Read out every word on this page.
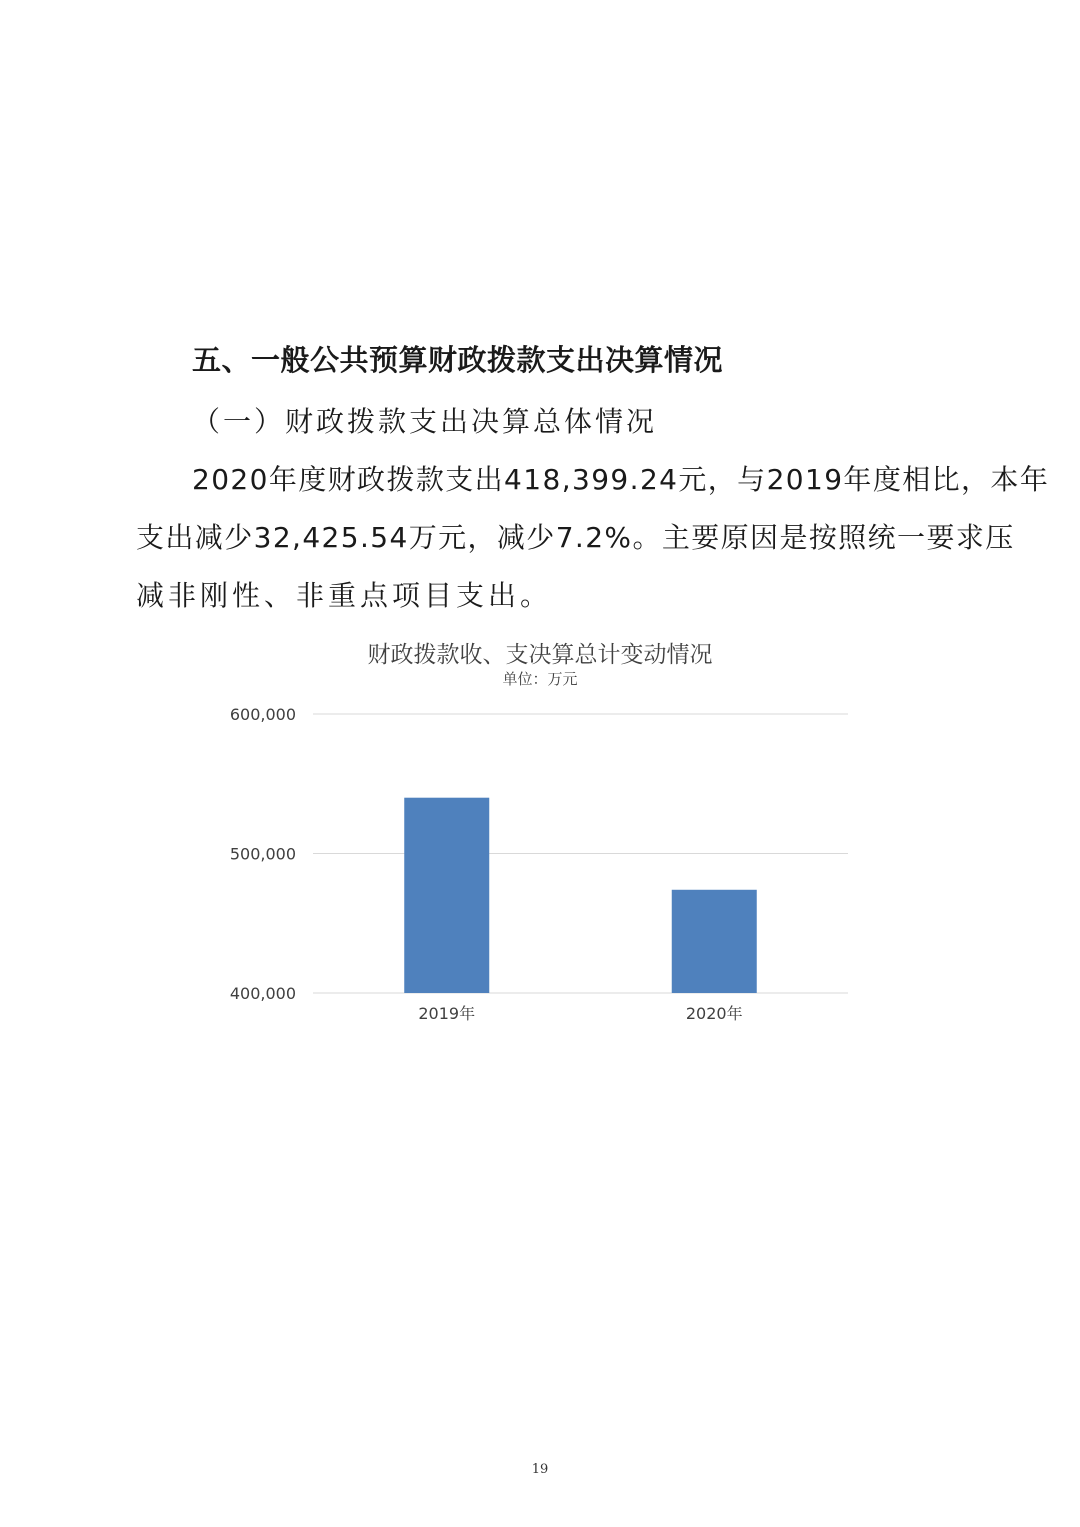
五、一般公共预算财政拨款支出决算情况
（一）财政拨款支出决算总体情况
2020年度财政拨款支出418,399.24元，与2019年度相比，本年
支出减少32,425.54万元，减少7.2%。主要原因是按照统一要求压
减非刚性、非重点项目支出。
财政拨款收、支决算总计变动情况
单位：万元
400,000
500,000
600,000
2019年	2020年
19
